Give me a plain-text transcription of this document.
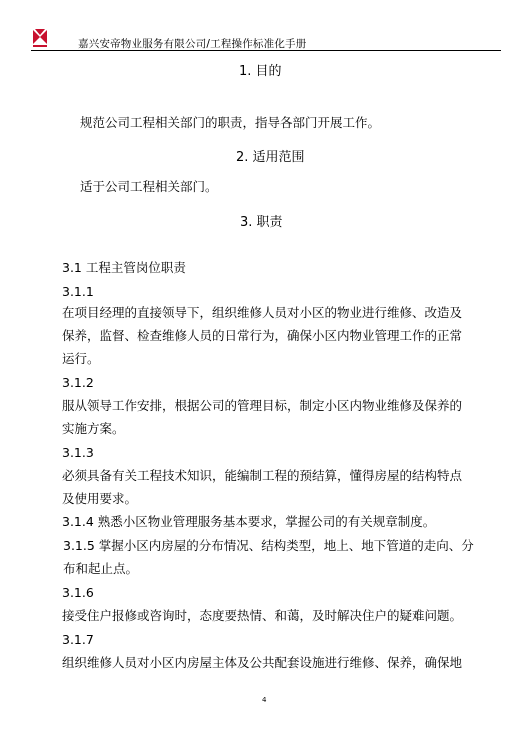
嘉兴安帝物业服务有限公司/工程操作标准化手册
1. 目的
规范公司工程相关部门的职责，指导各部门开展工作。
2. 适用范围
适于公司工程相关部门。
3. 职责
3.1 工程主管岗位职责
3.1.1
在项目经理的直接领导下，组织维修人员对小区的物业进行维修、改造及
保养，监督、检查维修人员的日常行为，确保小区内物业管理工作的正常
运行。
3.1.2
服从领导工作安排，根据公司的管理目标，制定小区内物业维修及保养的
实施方案。
3.1.3
必须具备有关工程技术知识，能编制工程的预结算，懂得房屋的结构特点
及使用要求。
3.1.4 熟悉小区物业管理服务基本要求，掌握公司的有关规章制度。
3.1.5 掌握小区内房屋的分布情况、结构类型，地上、地下管道的走向、分
布和起止点。
3.1.6
接受住户报修或咨询时，态度要热情、和蔼，及时解决住户的疑难问题。
3.1.7
组织维修人员对小区内房屋主体及公共配套设施进行维修、保养，确保地
4
